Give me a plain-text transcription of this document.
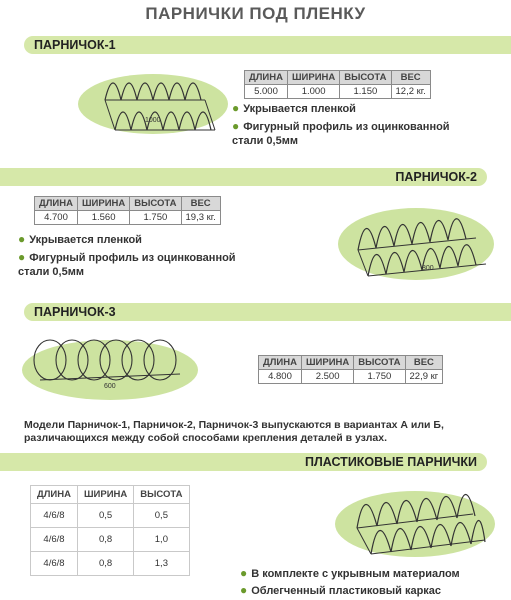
ПАРНИЧКИ ПОД ПЛЕНКУ
ПАРНИЧОК-1
1000
ДЛИНА	ШИРИНА	ВЫСОТА	ВЕС
5.000	1.000	1.150	12,2 кг.
● Укрывается пленкой
● Фигурный профиль из оцинкованной стали 0,5мм
ПАРНИЧОК-2
ДЛИНА	ШИРИНА	ВЫСОТА	ВЕС
4.700	1.560	1.750	19,3 кг.
● Укрывается пленкой
● Фигурный профиль из оцинкованной стали 0,5мм	800
ПАРНИЧОК-3
600
ДЛИНА	ШИРИНА	ВЫСОТА	ВЕС
4.800	2.500	1.750	22,9 кг
Модели Парничок-1, Парничок-2, Парничок-3 выпускаются в вариантах А или Б, различающихся между собой способами крепления деталей в узлах.
ПЛАСТИКОВЫЕ ПАРНИЧКИ
ДЛИНА	ШИРИНА	ВЫСОТА
4/6/8	0,5	0,5
4/6/8	0,8	1,0
4/6/8	0,8	1,3
● В комплекте с укрывным материалом
● Облегченный пластиковый каркас
